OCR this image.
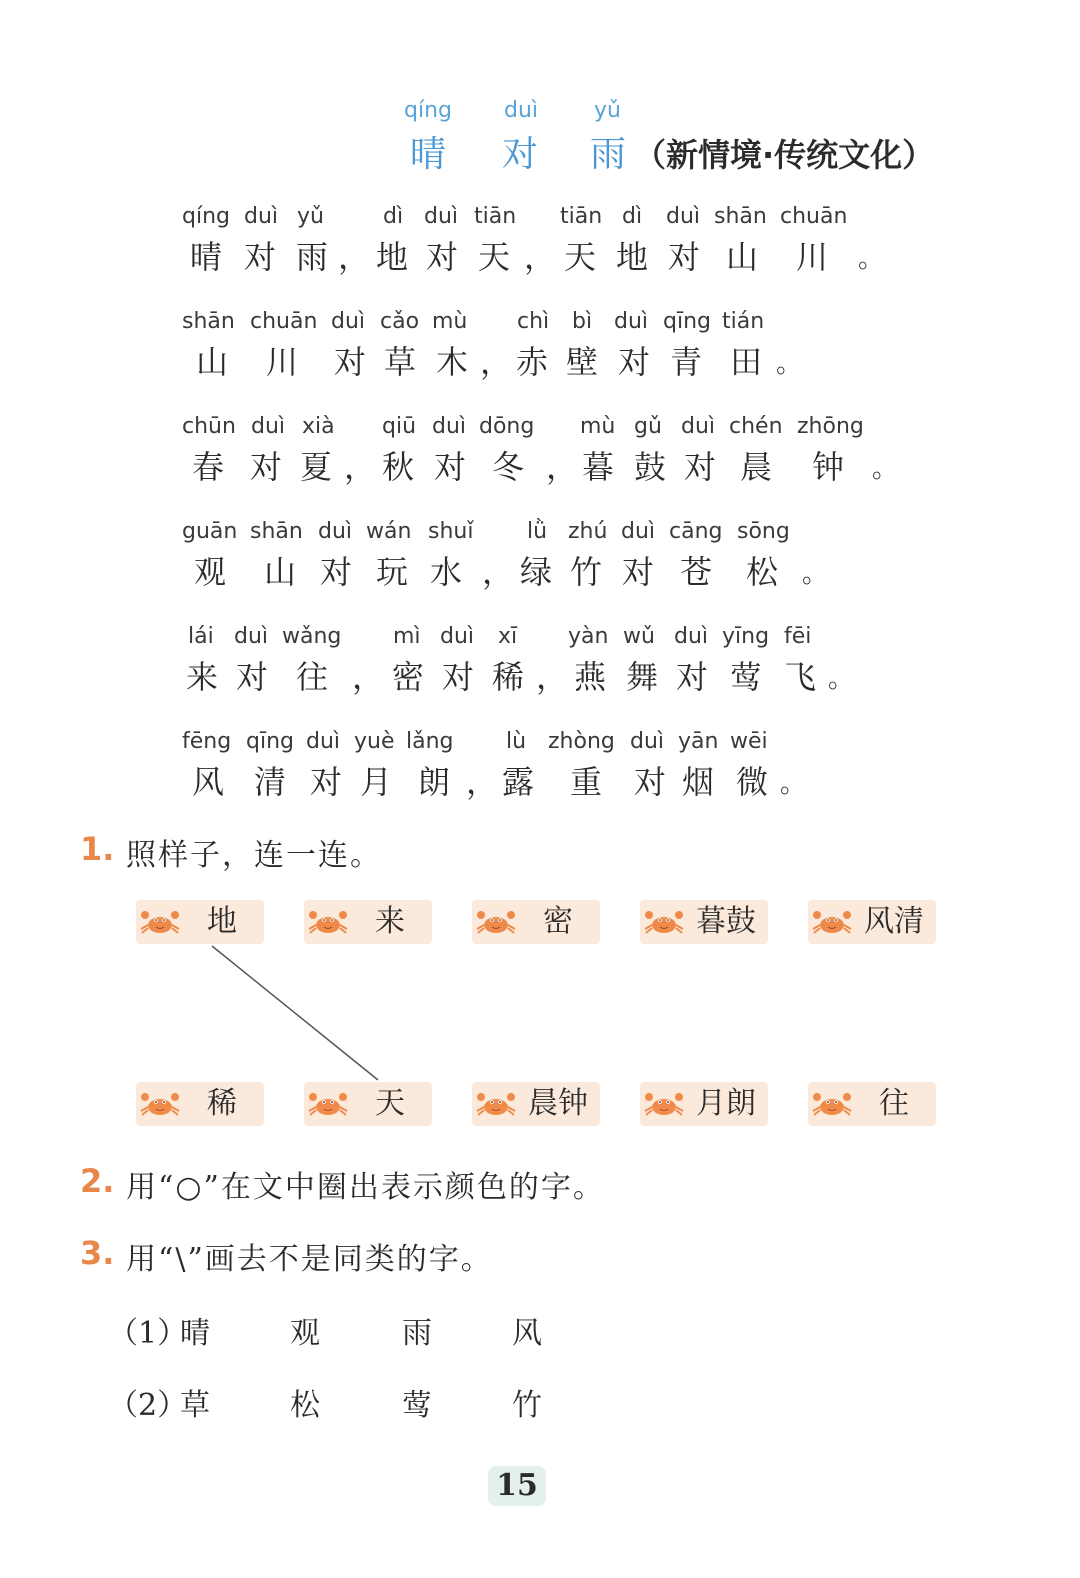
qíng duì	yǔ
晴 对 雨 （新情境·传统文化）
qíng duì yǔ	dì duì tiān tiān dì duì shān chuān
晴 对 雨 ， 地 对 天 ， 天 地 对 山 川 。
shān chuān duì cǎo mù chì bì duì qīng tián
山 川 对 草 木 ， 赤 壁 对 青 田 。
chūn duì xià qiū duì dōng mù gǔ duì chén zhōng
春 对 夏 ， 秋 对 冬 ， 暮 鼓 对 晨 钟 。
guān shān duì wán shuǐ lǜ zhú duì cāng sōng
观 山 对 玩 水 ， 绿 竹 对 苍 松 。
lái duì wǎng mì duì xī yàn wǔ duì yīng fēi
来 对 往 ， 密 对 稀 ， 燕 舞 对 莺 飞 。
fēng qīng duì yuè lǎng lù zhòng duì yān wēi
风 清 对 月 朗 ， 露 重 对 烟 微 。
1. 照样子，连一连。
地	来	密	暮鼓	风清
稀	天	晨钟	月朗	往
2. 用“○”在文中圈出表示颜色的字。
3. 用“\”画去不是同类的字。
（1）
晴	观	雨	风
（2）
草	松	莺	竹
15
